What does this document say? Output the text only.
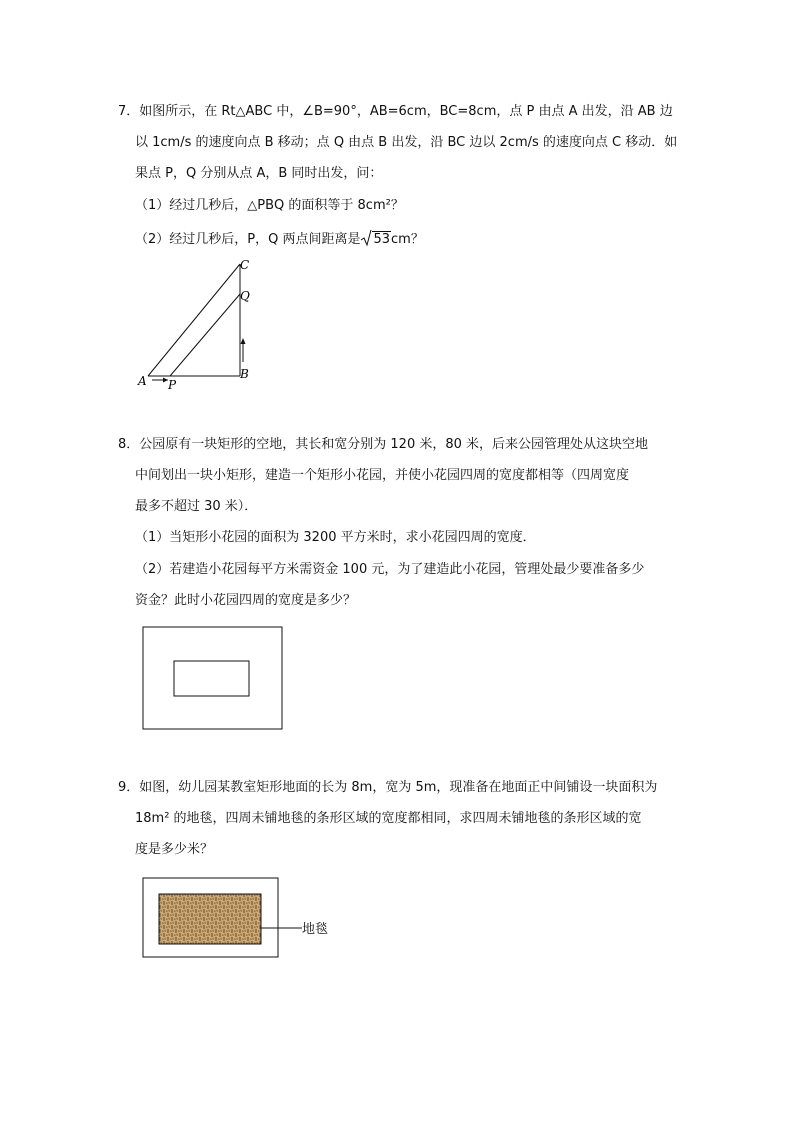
7．如图所示，在 Rt△ABC 中，∠B=90°，AB=6cm，BC=8cm，点 P 由点 A 出发，沿 AB 边
以 1cm/s 的速度向点 B 移动；点 Q 由点 B 出发，沿 BC 边以 2cm/s 的速度向点 C 移动．如
果点 P，Q 分别从点 A，B 同时出发，问：
（1）经过几秒后，△PBQ 的面积等于 8cm²？
（2）经过几秒后，P，Q 两点间距离是 53cm？
A P
B
Q
C
8．公园原有一块矩形的空地，其长和宽分别为 120 米，80 米，后来公园管理处从这块空地
中间划出一块小矩形，建造一个矩形小花园，并使小花园四周的宽度都相等（四周宽度
最多不超过 30 米）．
（1）当矩形小花园的面积为 3200 平方米时，求小花园四周的宽度．
（2）若建造小花园每平方米需资金 100 元，为了建造此小花园，管理处最少要准备多少
资金？此时小花园四周的宽度是多少？
9．如图，幼儿园某教室矩形地面的长为 8m，宽为 5m，现准备在地面正中间铺设一块面积为
18m² 的地毯，四周未铺地毯的条形区域的宽度都相同，求四周未铺地毯的条形区域的宽
度是多少米？
地毯
